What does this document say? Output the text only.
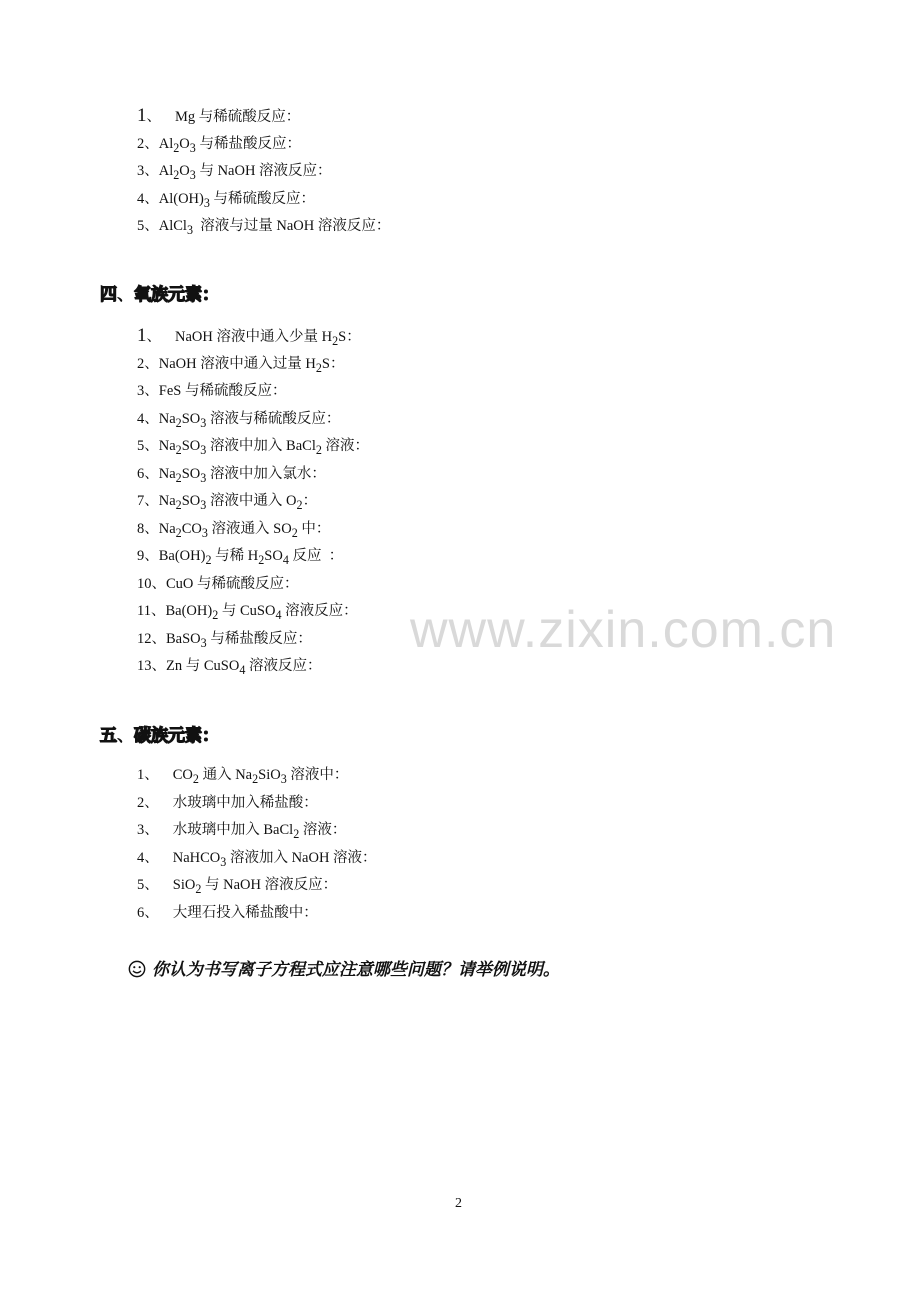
1、 Mg 与稀硫酸反应：
2、$Al_2O_3$ 与稀盐酸反应：
3、$Al_2O_3$ 与 NaOH 溶液反应：
4、$Al(OH)_3$ 与稀硫酸反应：
5、AlCl$_3$  溶液与过量 NaOH 溶液反应：
四、氧族元素：
1、 NaOH 溶液中通入少量 $H_2S$：
2、NaOH 溶液中通入过量 $H_2S$：
3、FeS 与稀硫酸反应：
4、$Na_2SO_3$ 溶液与稀硫酸反应：
5、$Na_2SO_3$ 溶液中加入 BaCl$_2$ 溶液：
6、$Na_2SO_3$ 溶液中加入氯水：
7、$Na_2SO_3$ 溶液中通入 $O_2$：
8、$Na_2CO_3$ 溶液通入 $SO_2$ 中：
9、$Ba(OH)_2$ 与稀 $H_2SO_4$ 反应  ：
10、CuO 与稀硫酸反应：
11、$Ba(OH)_2$ 与 CuSO$_4$ 溶液反应：
12、BaSO$_3$ 与稀盐酸反应：
13、Zn 与 CuSO$_4$ 溶液反应：
五、碳族元素：
1、 $CO_2$ 通入 $Na_2SiO_3$ 溶液中：
2、 水玻璃中加入稀盐酸：
3、 水玻璃中加入 BaCl$_2$ 溶液：
4、 NaHCO$_3$ 溶液加入 NaOH 溶液：
5、 SiO$_2$ 与 NaOH 溶液反应：
6、 大理石投入稀盐酸中：
你认为书写离子方程式应注意哪些问题？请举例说明。
www.zixin.com.cn
2
